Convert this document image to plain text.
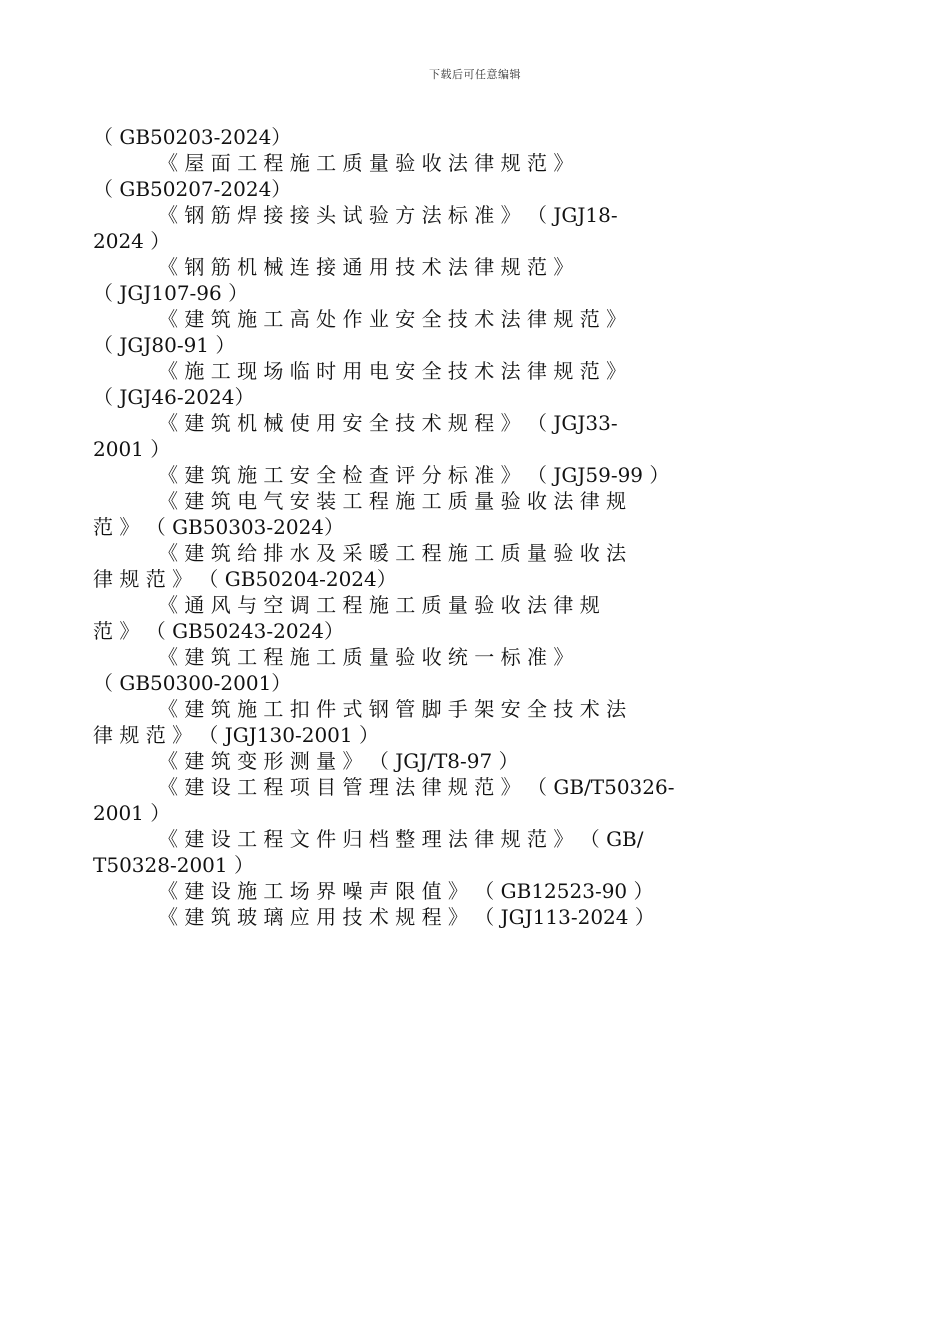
下载后可任意编辑
（ GB50203-2024）
《 屋 面 工 程 施 工 质 量 验 收 法 律 规 范 》
（ GB50207-2024）
《 钢 筋 焊 接 接 头 试 验 方 法 标 准 》 （ JGJ18-
2024 ）
《 钢 筋 机 械 连 接 通 用 技 术 法 律 规 范 》
（ JGJ107-96 ）
《 建 筑 施 工 高 处 作 业 安 全 技 术 法 律 规 范 》
（ JGJ80-91 ）
《 施 工 现 场 临 时 用 电 安 全 技 术 法 律 规 范 》
（ JGJ46-2024）
《 建 筑 机 械 使 用 安 全 技 术 规 程 》 （ JGJ33-
2001 ）
《 建 筑 施 工 安 全 检 查 评 分 标 准 》 （ JGJ59-99 ）
《 建 筑 电 气 安 装 工 程 施 工 质 量 验 收 法 律 规
范 》 （ GB50303-2024）
《 建 筑 给 排 水 及 采 暖 工 程 施 工 质 量 验 收 法
律 规 范 》 （ GB50204-2024）
《 通 风 与 空 调 工 程 施 工 质 量 验 收 法 律 规
范 》 （ GB50243-2024）
《 建 筑 工 程 施 工 质 量 验 收 统 一 标 准 》
（ GB50300-2001）
《 建 筑 施 工 扣 件 式 钢 管 脚 手 架 安 全 技 术 法
律 规 范 》 （ JGJ130-2001 ）
《 建 筑 变 形 测 量 》 （ JGJ/T8-97 ）
《 建 设 工 程 项 目 管 理 法 律 规 范 》 （ GB/T50326-
2001 ）
《 建 设 工 程 文 件 归 档 整 理 法 律 规 范 》 （ GB/
T50328-2001 ）
《 建 设 施 工 场 界 噪 声 限 值 》 （ GB12523-90 ）
《 建 筑 玻 璃 应 用 技 术 规 程 》 （ JGJ113-2024 ）
